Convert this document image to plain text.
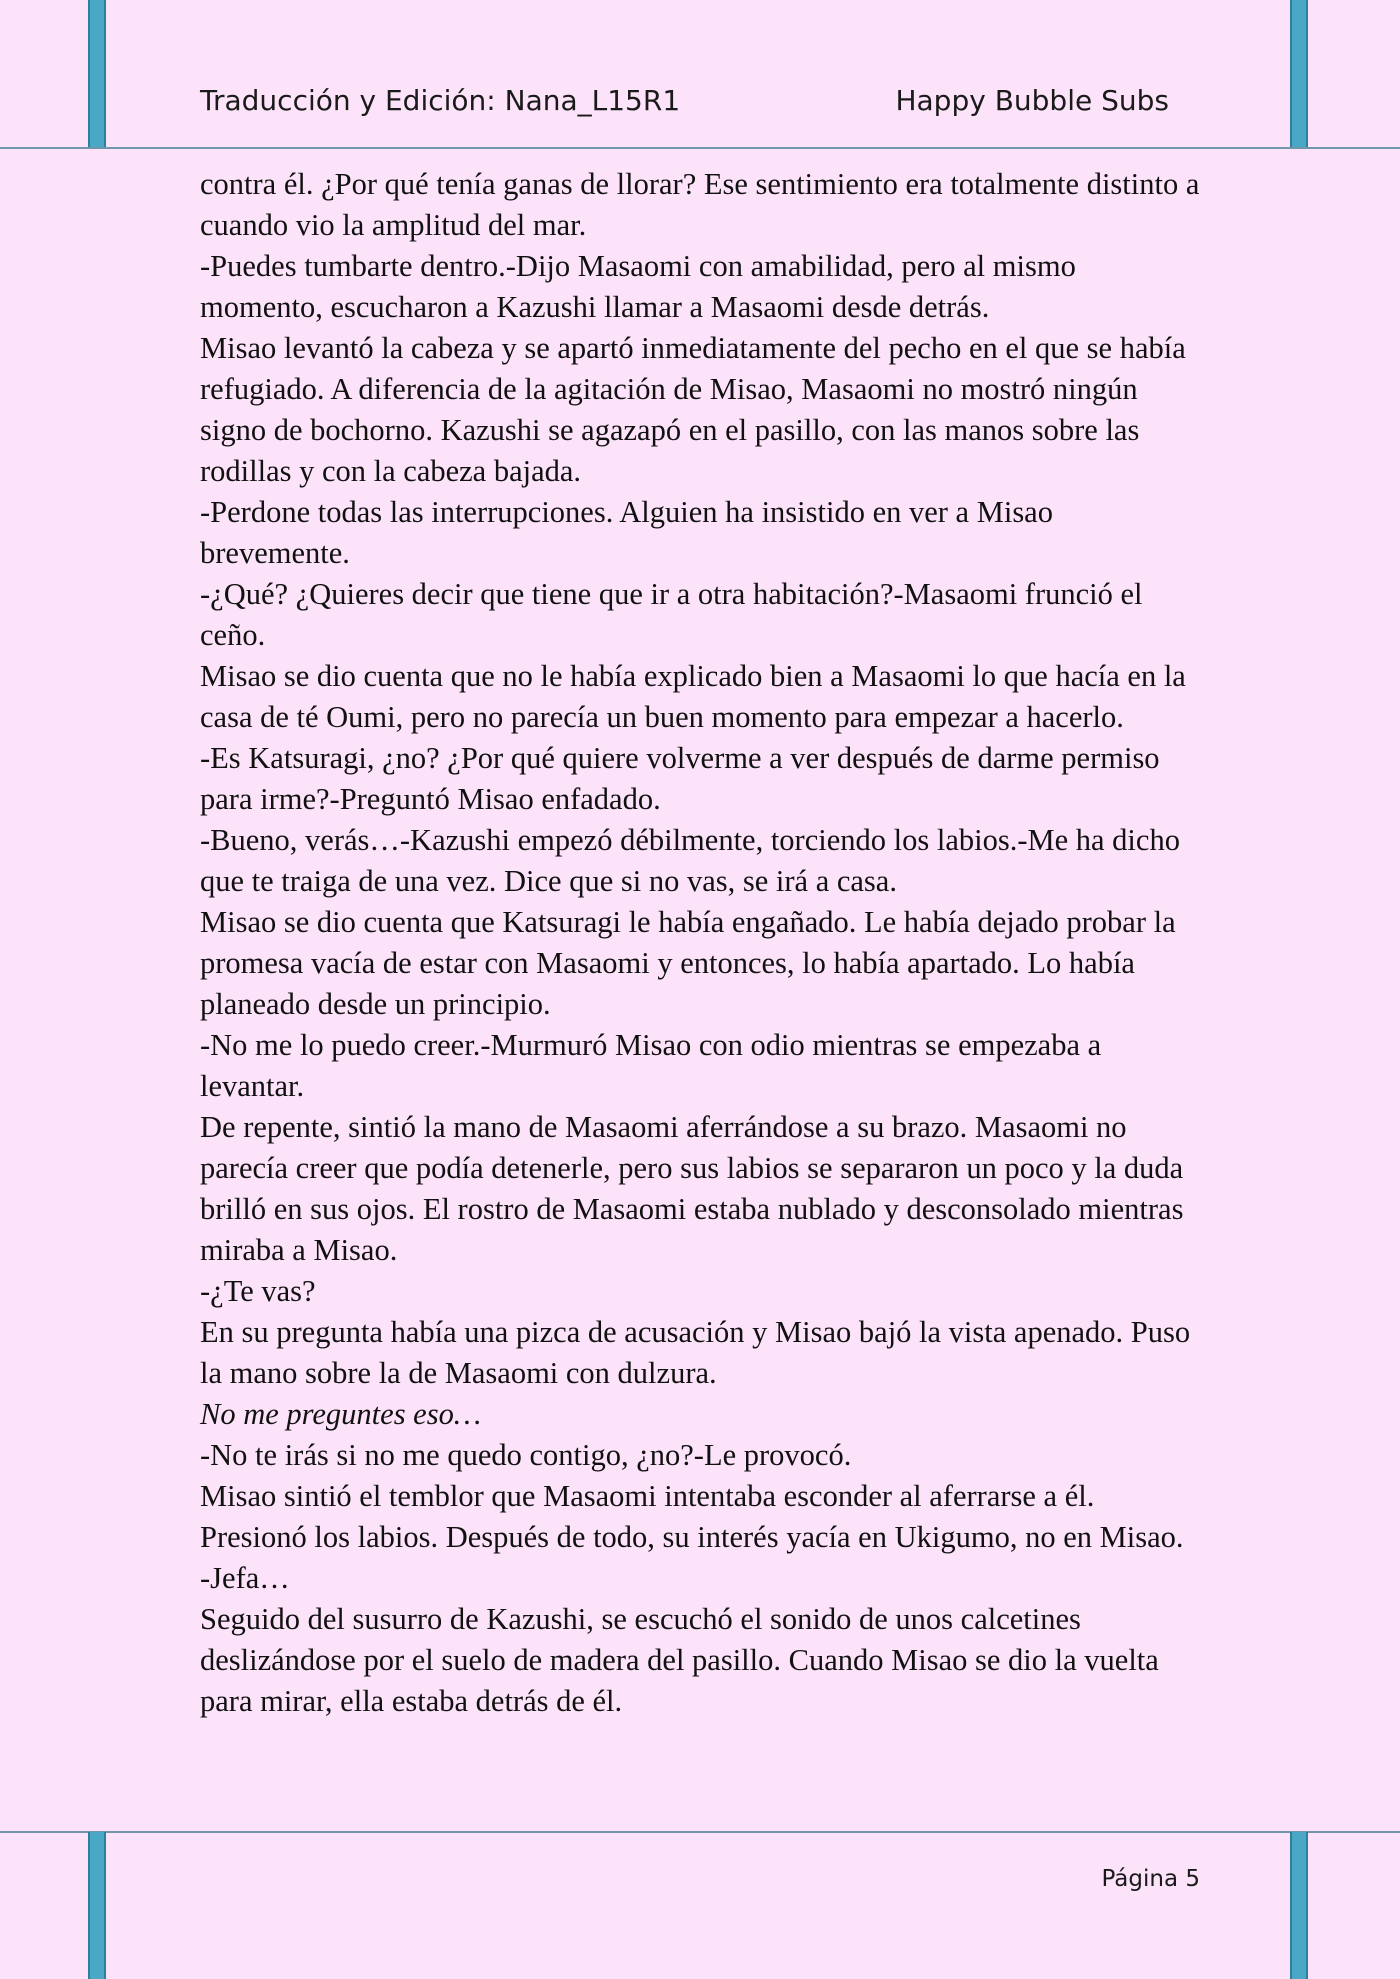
Traducción y Edición: Nana_L15R1	Happy Bubble Subs

contra él. ¿Por qué tenía ganas de llorar? Ese sentimiento era totalmente distinto a cuando vio la amplitud del mar.

-Puedes tumbarte dentro.-Dijo Masaomi con amabilidad, pero al mismo momento, escucharon a Kazushi llamar a Masaomi desde detrás.

Misao levantó la cabeza y se apartó inmediatamente del pecho en el que se había refugiado. A diferencia de la agitación de Misao, Masaomi no mostró ningún signo de bochorno. Kazushi se agazapó en el pasillo, con las manos sobre las rodillas y con la cabeza bajada.

-Perdone todas las interrupciones. Alguien ha insistido en ver a Misao brevemente.

-¿Qué? ¿Quieres decir que tiene que ir a otra habitación?-Masaomi frunció el ceño.

Misao se dio cuenta que no le había explicado bien a Masaomi lo que hacía en la casa de té Oumi, pero no parecía un buen momento para empezar a hacerlo.

-Es Katsuragi, ¿no? ¿Por qué quiere volverme a ver después de darme permiso para irme?-Preguntó Misao enfadado.

-Bueno, verás…-Kazushi empezó débilmente, torciendo los labios.-Me ha dicho que te traiga de una vez. Dice que si no vas, se irá a casa.

Misao se dio cuenta que Katsuragi le había engañado. Le había dejado probar la promesa vacía de estar con Masaomi y entonces, lo había apartado. Lo había planeado desde un principio.

-No me lo puedo creer.-Murmuró Misao con odio mientras se empezaba a levantar.

De repente, sintió la mano de Masaomi aferrándose a su brazo. Masaomi no parecía creer que podía detenerle, pero sus labios se separaron un poco y la duda brilló en sus ojos. El rostro de Masaomi estaba nublado y desconsolado mientras miraba a Misao.

-¿Te vas?

En su pregunta había una pizca de acusación y Misao bajó la vista apenado. Puso la mano sobre la de Masaomi con dulzura.

No me preguntes eso…

-No te irás si no me quedo contigo, ¿no?-Le provocó.

Misao sintió el temblor que Masaomi intentaba esconder al aferrarse a él. Presionó los labios. Después de todo, su interés yacía en Ukigumo, no en Misao.

-Jefa…

Seguido del susurro de Kazushi, se escuchó el sonido de unos calcetines deslizándose por el suelo de madera del pasillo. Cuando Misao se dio la vuelta para mirar, ella estaba detrás de él.

Página 5
